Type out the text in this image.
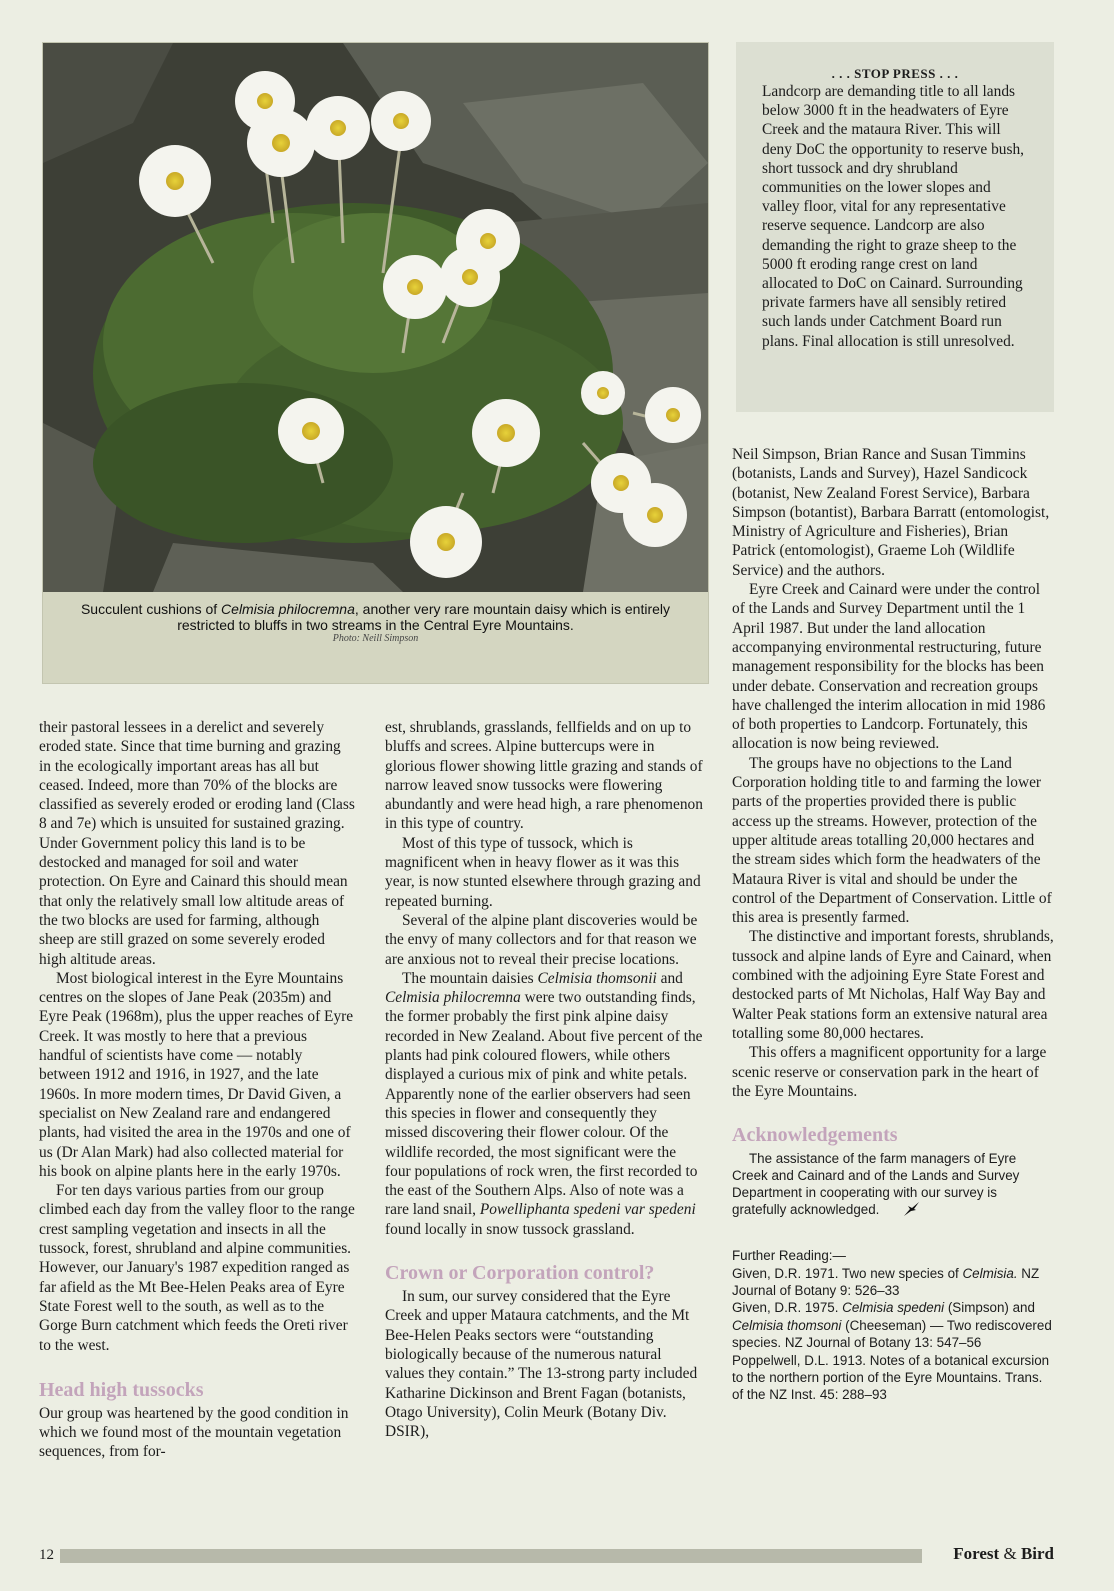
Succulent cushions of Celmisia philocremna, another very rare mountain daisy which is entirely restricted to bluffs in two streams in the Central Eyre Mountains.
Photo: Neill Simpson
. . . STOP PRESS . . .

Landcorp are demanding title to all lands below 3000 ft in the headwaters of Eyre Creek and the mataura River. This will deny DoC the opportunity to reserve bush, short tussock and dry shrubland communities on the lower slopes and valley floor, vital for any representative reserve sequence. Landcorp are also demanding the right to graze sheep to the 5000 ft eroding range crest on land allocated to DoC on Cainard. Surrounding private farmers have all sensibly retired such lands under Catchment Board run plans. Final allocation is still unresolved.

their pastoral lessees in a derelict and severely eroded state. Since that time burning and grazing in the ecologically important areas has all but ceased. Indeed, more than 70% of the blocks are classified as severely eroded or eroding land (Class 8 and 7e) which is unsuited for sustained grazing. Under Government policy this land is to be destocked and managed for soil and water protection. On Eyre and Cainard this should mean that only the relatively small low altitude areas of the two blocks are used for farming, although sheep are still grazed on some severely eroded high altitude areas.

Most biological interest in the Eyre Mountains centres on the slopes of Jane Peak (2035m) and Eyre Peak (1968m), plus the upper reaches of Eyre Creek. It was mostly to here that a previous handful of scientists have come — notably between 1912 and 1916, in 1927, and the late 1960s. In more modern times, Dr David Given, a specialist on New Zealand rare and endangered plants, had visited the area in the 1970s and one of us (Dr Alan Mark) had also collected material for his book on alpine plants here in the early 1970s.

For ten days various parties from our group climbed each day from the valley floor to the range crest sampling vegetation and insects in all the tussock, forest, shrubland and alpine communities. However, our January's 1987 expedition ranged as far afield as the Mt Bee-Helen Peaks area of Eyre State Forest well to the south, as well as to the Gorge Burn catchment which feeds the Oreti river to the west.

Head high tussocks

Our group was heartened by the good condition in which we found most of the mountain vegetation sequences, from for-

est, shrublands, grasslands, fellfields and on up to bluffs and screes. Alpine buttercups were in glorious flower showing little grazing and stands of narrow leaved snow tussocks were flowering abundantly and were head high, a rare phenomenon in this type of country.

Most of this type of tussock, which is magnificent when in heavy flower as it was this year, is now stunted elsewhere through grazing and repeated burning.

Several of the alpine plant discoveries would be the envy of many collectors and for that reason we are anxious not to reveal their precise locations.

The mountain daisies Celmisia thomsonii and Celmisia philocremna were two outstanding finds, the former probably the first pink alpine daisy recorded in New Zealand. About five percent of the plants had pink coloured flowers, while others displayed a curious mix of pink and white petals. Apparently none of the earlier observers had seen this species in flower and consequently they missed discovering their flower colour. Of the wildlife recorded, the most significant were the four populations of rock wren, the first recorded to the east of the Southern Alps. Also of note was a rare land snail, Powelliphanta spedeni var spedeni found locally in snow tussock grassland.

Crown or Corporation control?

In sum, our survey considered that the Eyre Creek and upper Mataura catchments, and the Mt Bee-Helen Peaks sectors were “outstanding biologically because of the numerous natural values they contain.” The 13-strong party included Katharine Dickinson and Brent Fagan (botanists, Otago University), Colin Meurk (Botany Div. DSIR),

Neil Simpson, Brian Rance and Susan Timmins (botanists, Lands and Survey), Hazel Sandicock (botanist, New Zealand Forest Service), Barbara Simpson (botantist), Barbara Barratt (entomologist, Ministry of Agriculture and Fisheries), Brian Patrick (entomologist), Graeme Loh (Wildlife Service) and the authors.

Eyre Creek and Cainard were under the control of the Lands and Survey Department until the 1 April 1987. But under the land allocation accompanying environmental restructuring, future management responsibility for the blocks has been under debate. Conservation and recreation groups have challenged the interim allocation in mid 1986 of both properties to Landcorp. Fortunately, this allocation is now being reviewed.

The groups have no objections to the Land Corporation holding title to and farming the lower parts of the properties provided there is public access up the streams. However, protection of the upper altitude areas totalling 20,000 hectares and the stream sides which form the headwaters of the Mataura River is vital and should be under the control of the Department of Conservation. Little of this area is presently farmed.

The distinctive and important forests, shrublands, tussock and alpine lands of Eyre and Cainard, when combined with the adjoining Eyre State Forest and destocked parts of Mt Nicholas, Half Way Bay and Walter Peak stations form an extensive natural area totalling some 80,000 hectares.

This offers a magnificent opportunity for a large scenic reserve or conservation park in the heart of the Eyre Mountains.

Acknowledgements

The assistance of the farm managers of Eyre Creek and Cainard and of the Lands and Survey Department in cooperating with our survey is gratefully acknowledged.

Further Reading:—
Given, D.R. 1971. Two new species of Celmisia. NZ Journal of Botany 9: 526–33
Given, D.R. 1975. Celmisia spedeni (Simpson) and Celmisia thomsoni (Cheeseman) — Two rediscovered species. NZ Journal of Botany 13: 547–56
Poppelwell, D.L. 1913. Notes of a botanical excursion to the northern portion of the Eyre Mountains. Trans. of the NZ Inst. 45: 288–93
12	Forest & Bird
